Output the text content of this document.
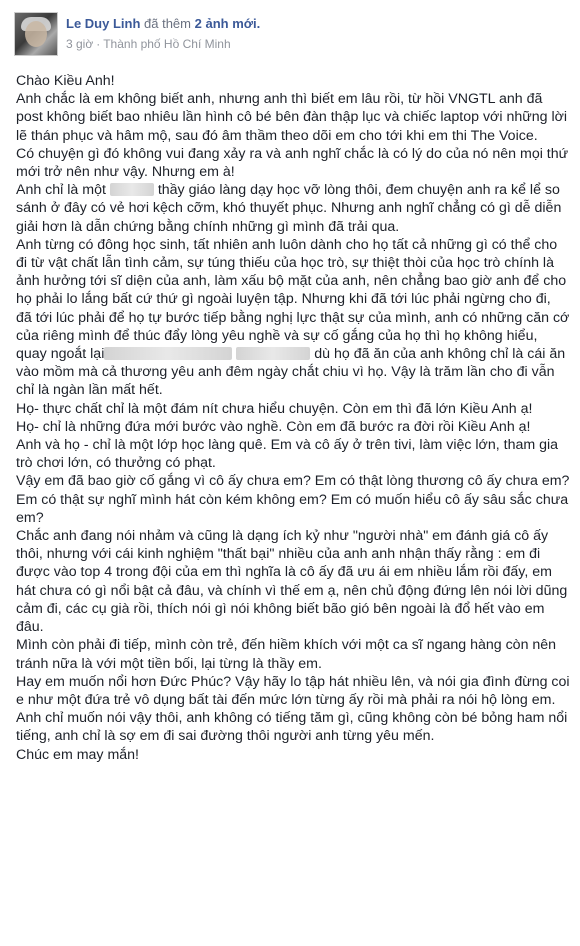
Le Duy Linh đã thêm 2 ảnh mới.
3 giờ · Thành phố Hồ Chí Minh

Chào Kiều Anh!

Anh chắc là em không biết anh, nhưng anh thì biết em lâu rồi, từ hồi VNGTL anh đã post không biết bao nhiêu lần hình cô bé bên đàn thập lục và chiếc laptop với những lời lẽ thán phục và hâm mộ, sau đó âm thầm theo dõi em cho tới khi em thi The Voice.

Có chuyện gì đó không vui đang xảy ra và anh nghĩ chắc là có lý do của nó nên mọi thứ mới trở nên như vậy. Nhưng em à!

Anh chỉ là một	thầy giáo làng dạy học vỡ lòng thôi, đem chuyện anh ra kể lể so sánh ở đây có vẻ hơi kệch cỡm, khó thuyết phục. Nhưng anh nghĩ chẳng có gì dễ diễn giải hơn là dẫn chứng bằng chính những gì mình đã trải qua.

Anh từng có đông học sinh, tất nhiên anh luôn dành cho họ tất cả những gì có thể cho đi từ vật chất lẫn tình cảm, sự túng thiếu của học trò, sự thiệt thòi của học trò chính là ảnh hưởng tới sĩ diện của anh, làm xấu bộ mặt của anh, nên chẳng bao giờ anh để cho họ phải lo lắng bất cứ thứ gì ngoài luyện tập. Nhưng khi đã tới lúc phải ngừng cho đi, đã tới lúc phải để họ tự bước tiếp bằng nghị lực thật sự của mình, anh có những căn cớ của riêng mình để thúc đẩy lòng yêu nghề và sự cố gắng của họ thì họ không hiểu, quay ngoắt lại	dù họ đã ăn của anh không chỉ là cái ăn vào mồm mà cả thương yêu anh đêm ngày chắt chiu vì họ. Vậy là trăm lần cho đi vẫn chỉ là ngàn lần mất hết.

Họ- thực chất chỉ là một đám nít chưa hiểu chuyện. Còn em thì đã lớn Kiều Anh ạ!

Họ- chỉ là những đứa mới bước vào nghề. Còn em đã bước ra đời rồi Kiều Anh ạ!

Anh và họ - chỉ là một lớp học làng quê. Em và cô ấy ở trên tivi, làm việc lớn, tham gia trò chơi lớn, có thưởng có phạt.

Vậy em đã bao giờ cố gắng vì cô ấy chưa em? Em có thật lòng thương cô ấy chưa em? Em có thật sự nghĩ mình hát còn kém không em? Em có muốn hiểu cô ấy sâu sắc chưa em?

Chắc anh đang nói nhảm và cũng là dạng ích kỷ như "người nhà" em đánh giá cô ấy thôi, nhưng với cái kinh nghiệm "thất bại" nhiều của anh anh nhận thấy rằng : em đi được vào top 4 trong đội của em thì nghĩa là cô ấy đã ưu ái em nhiều lắm rồi đấy, em hát chưa có gì nổi bật cả đâu, và chính vì thế em ạ, nên chủ động đứng lên nói lời dũng cảm đi, các cụ già rồi, thích nói gì nói không biết bão gió bên ngoài là đổ hết vào em đâu.

Mình còn phải đi tiếp, mình còn trẻ, đến hiềm khích với một ca sĩ ngang hàng còn nên tránh nữa là với một tiền bối, lại từng là thầy em.

Hay em muốn nổi hơn Đức Phúc? Vậy hãy lo tập hát nhiều lên, và nói gia đình đừng coi e như một đứa trẻ vô dụng bất tài đến mức lớn từng ấy rồi mà phải ra nói hộ lòng em.

Anh chỉ muốn nói vậy thôi, anh không có tiếng tăm gì, cũng không còn bé bỏng ham nổi tiếng, anh chỉ là sợ em đi sai đường thôi người anh từng yêu mến.

Chúc em may mắn!
